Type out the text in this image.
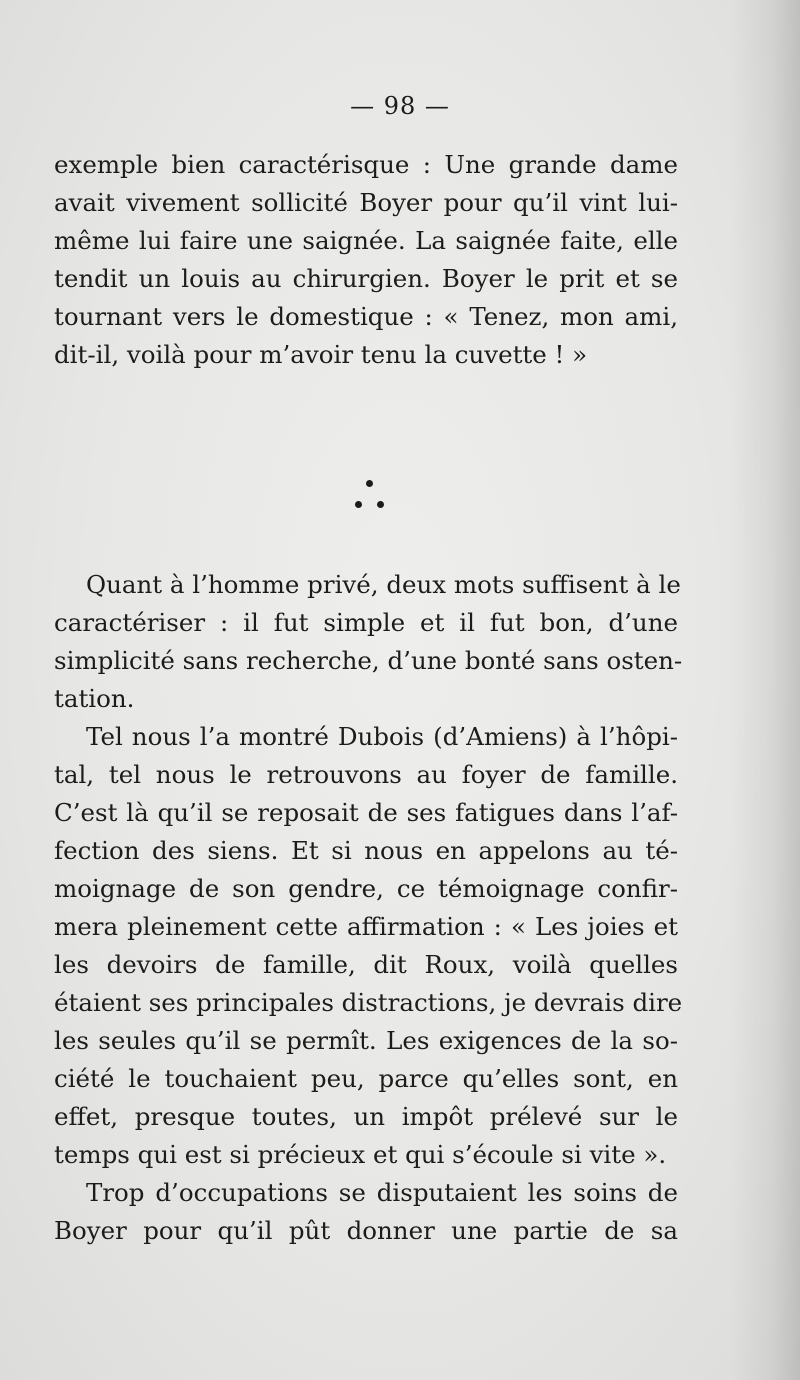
— 98 —
exemple bien caractérisque : Une grande dame
avait vivement sollicité Boyer pour qu’il vint lui-
même lui faire une saignée. La saignée faite, elle
tendit un louis au chirurgien. Boyer le prit et se
tournant vers le domestique : « Tenez, mon ami,
dit-il, voilà pour m’avoir tenu la cuvette ! »
Quant à l’homme privé, deux mots suffisent à le
caractériser : il fut simple et il fut bon, d’une
simplicité sans recherche, d’une bonté sans osten-
tation.
Tel nous l’a montré Dubois (d’Amiens) à l’hôpi-
tal, tel nous le retrouvons au foyer de famille.
C’est là qu’il se reposait de ses fatigues dans l’af-
fection des siens. Et si nous en appelons au té-
moignage de son gendre, ce témoignage confir-
mera pleinement cette affirmation : « Les joies et
les devoirs de famille, dit Roux, voilà quelles
étaient ses principales distractions, je devrais dire
les seules qu’il se permît. Les exigences de la so-
ciété le touchaient peu, parce qu’elles sont, en
effet, presque toutes, un impôt prélevé sur le
temps qui est si précieux et qui s’écoule si vite ».
Trop d’occupations se disputaient les soins de
Boyer pour qu’il pût donner une partie de sa
